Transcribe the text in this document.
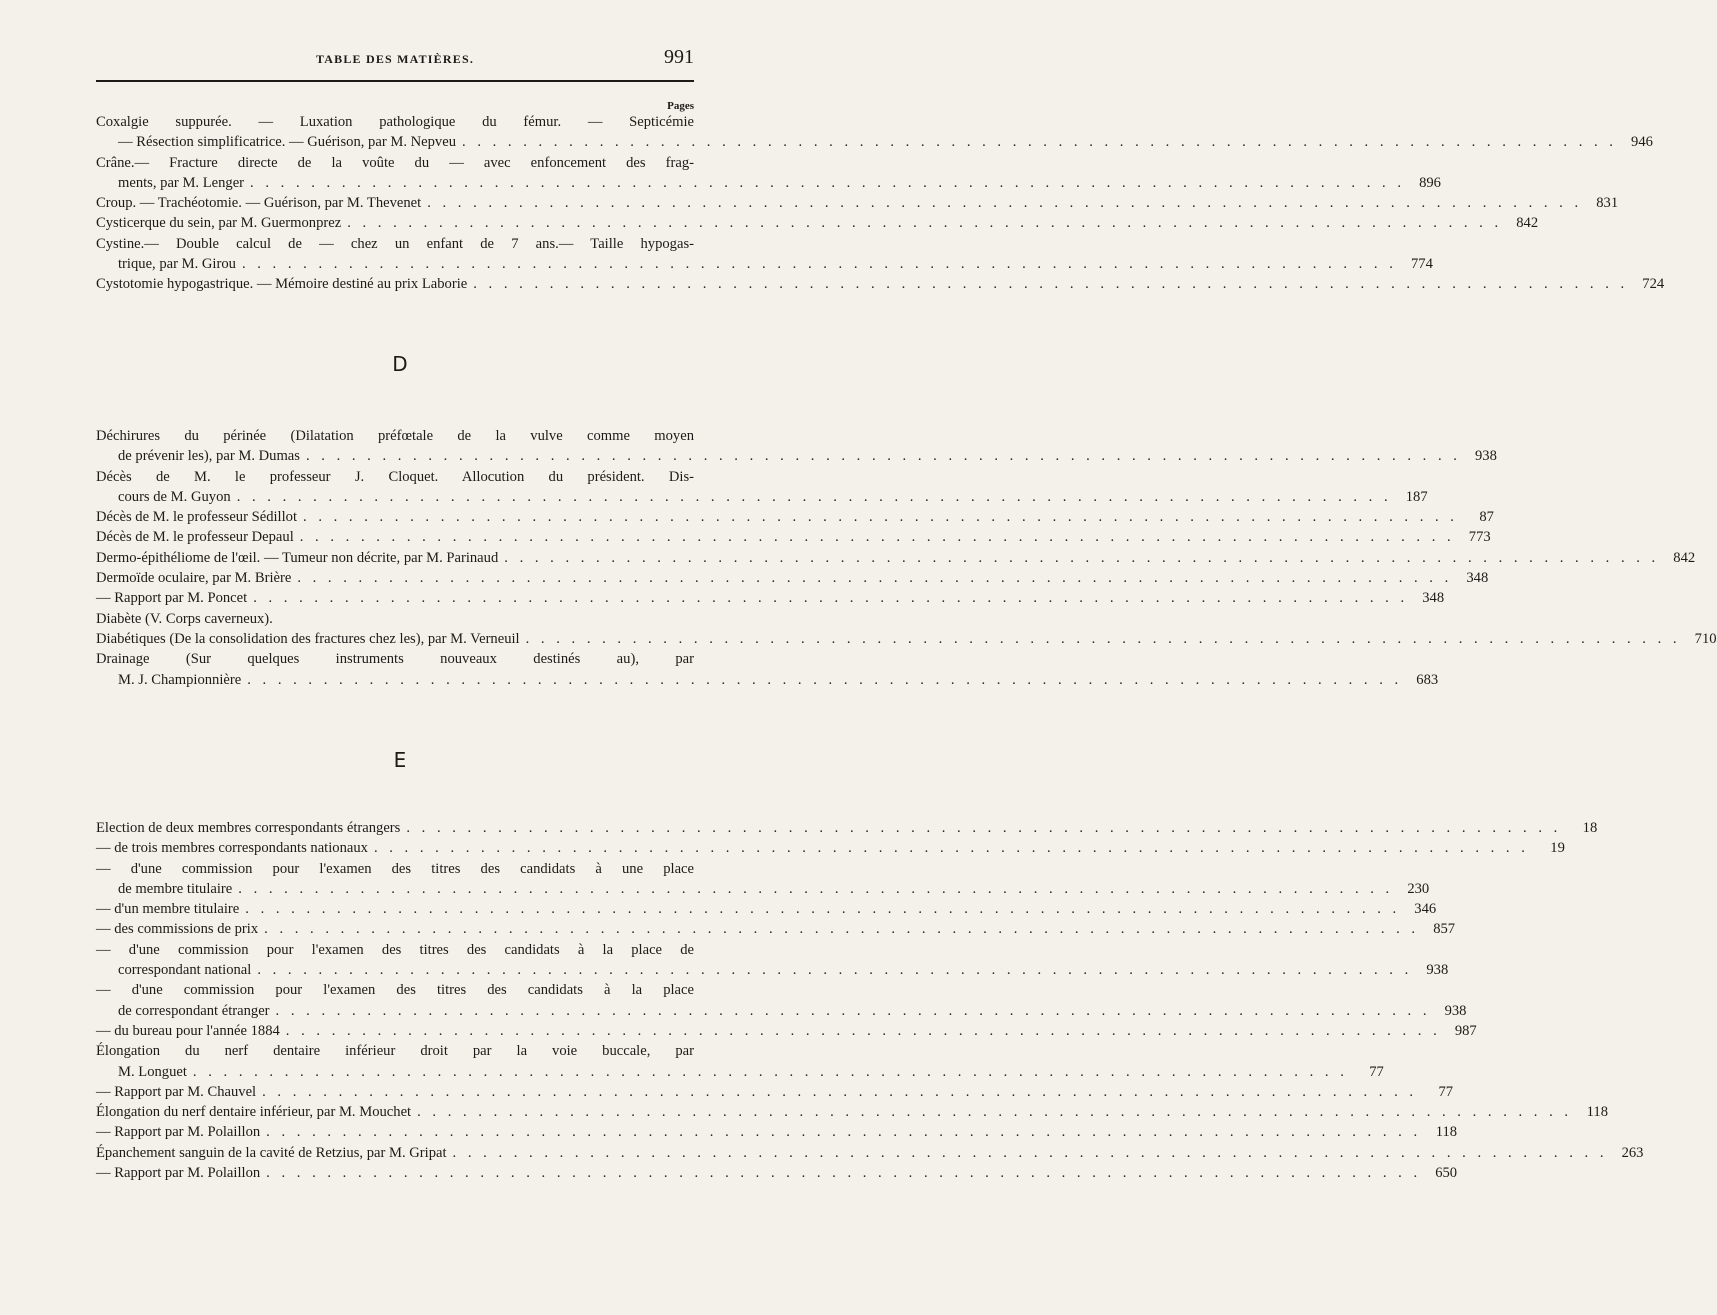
TABLE DES MATIÈRES.	991
Pages
Coxalgie suppurée. — Luxation pathologique du fémur. — Septicémie
— Résection simplificatrice. — Guérison, par M. Nepveu . . .	946
Crâne.— Fracture directe de la voûte du — avec enfoncement des frag-
ments, par M. Lenger . . .	896
Croup. — Trachéotomie. — Guérison, par M. Thevenet . . .	831
Cysticerque du sein, par M. Guermonprez . . .	842
Cystine.— Double calcul de — chez un enfant de 7 ans.— Taille hypogas-
trique, par M. Girou . . .	774
Cystotomie hypogastrique. — Mémoire destiné au prix Laborie . . .	724
D
Déchirures du périnée (Dilatation préfœtale de la vulve comme moyen
de prévenir les), par M. Dumas . . .	938
Décès de M. le professeur J. Cloquet. Allocution du président. Dis-
cours de M. Guyon . . .	187
Décès de M. le professeur Sédillot . . .	87
Décès de M. le professeur Depaul . . .	773
Dermo-épithéliome de l'œil. — Tumeur non décrite, par M. Parinaud . . .	842
Dermoïde oculaire, par M. Brière . . .	348
— Rapport par M. Poncet . . .	348
Diabète (V. Corps caverneux).
Diabétiques (De la consolidation des fractures chez les), par M. Verneuil . . .	710
Drainage (Sur quelques instruments nouveaux destinés au), par
M. J. Championnière . . .	683
E
Election de deux membres correspondants étrangers . . .	18
— de trois membres correspondants nationaux . . .	19
— d'une commission pour l'examen des titres des candidats à une place
de membre titulaire . . .	230
— d'un membre titulaire . . .	346
— des commissions de prix . . .	857
— d'une commission pour l'examen des titres des candidats à la place de
correspondant national . . .	938
— d'une commission pour l'examen des titres des candidats à la place
de correspondant étranger . . .	938
— du bureau pour l'année 1884 . . .	987
Élongation du nerf dentaire inférieur droit par la voie buccale, par
M. Longuet . . .	77
— Rapport par M. Chauvel . . .	77
Élongation du nerf dentaire inférieur, par M. Mouchet . . .	118
— Rapport par M. Polaillon . . .	118
Épanchement sanguin de la cavité de Retzius, par M. Gripat . . .	263
— Rapport par M. Polaillon . . .	650
